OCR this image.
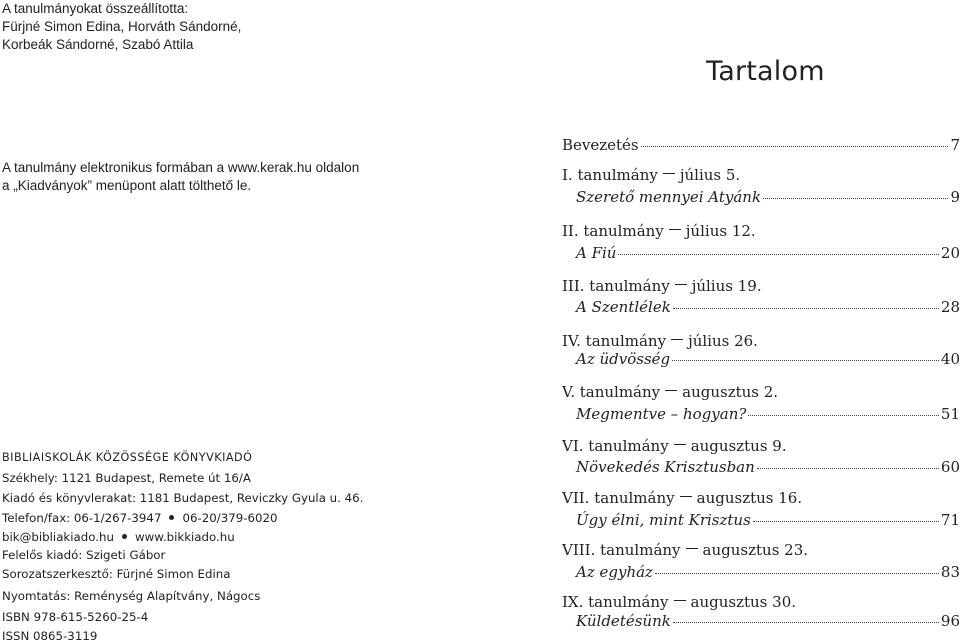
A tanulmányokat összeállította:
Fürjné Simon Edina, Horváth Sándorné,
Korbeák Sándorné, Szabó Attila
A tanulmány elektronikus formában a www.kerak.hu oldalon
a „Kiadványok” menüpont alatt tölthető le.
BIBLIAISKOLÁK KÖZÖSSÉGE KÖNYVKIADÓ
Székhely: 1121 Budapest, Remete út 16/A
Kiadó és könyvlerakat: 1181 Budapest, Reviczky Gyula u. 46.
Telefon/fax: 06-1/267-3947 06-20/379-6020
bik@bibliakiado.hu www.bikkiado.hu
Felelős kiadó: Szigeti Gábor
Sorozatszerkesztő: Fürjné Simon Edina
Nyomtatás: Reménység Alapítvány, Nágocs
ISBN 978-615-5260-25-4
ISSN 0865-3119
Tartalom
Bevezetés	7
I. tanulmány július 5.
Szerető mennyei Atyánk	9
II. tanulmány július 12.
A Fiú	20
III. tanulmány július 19.
A Szentlélek	28
IV. tanulmány július 26.
Az üdvösség	40
V. tanulmány augusztus 2.
Megmentve – hogyan?	51
VI. tanulmány augusztus 9.
Növekedés Krisztusban	60
VII. tanulmány augusztus 16.
Úgy élni, mint Krisztus	71
VIII. tanulmány augusztus 23.
Az egyház	83
IX. tanulmány augusztus 30.
Küldetésünk	96
